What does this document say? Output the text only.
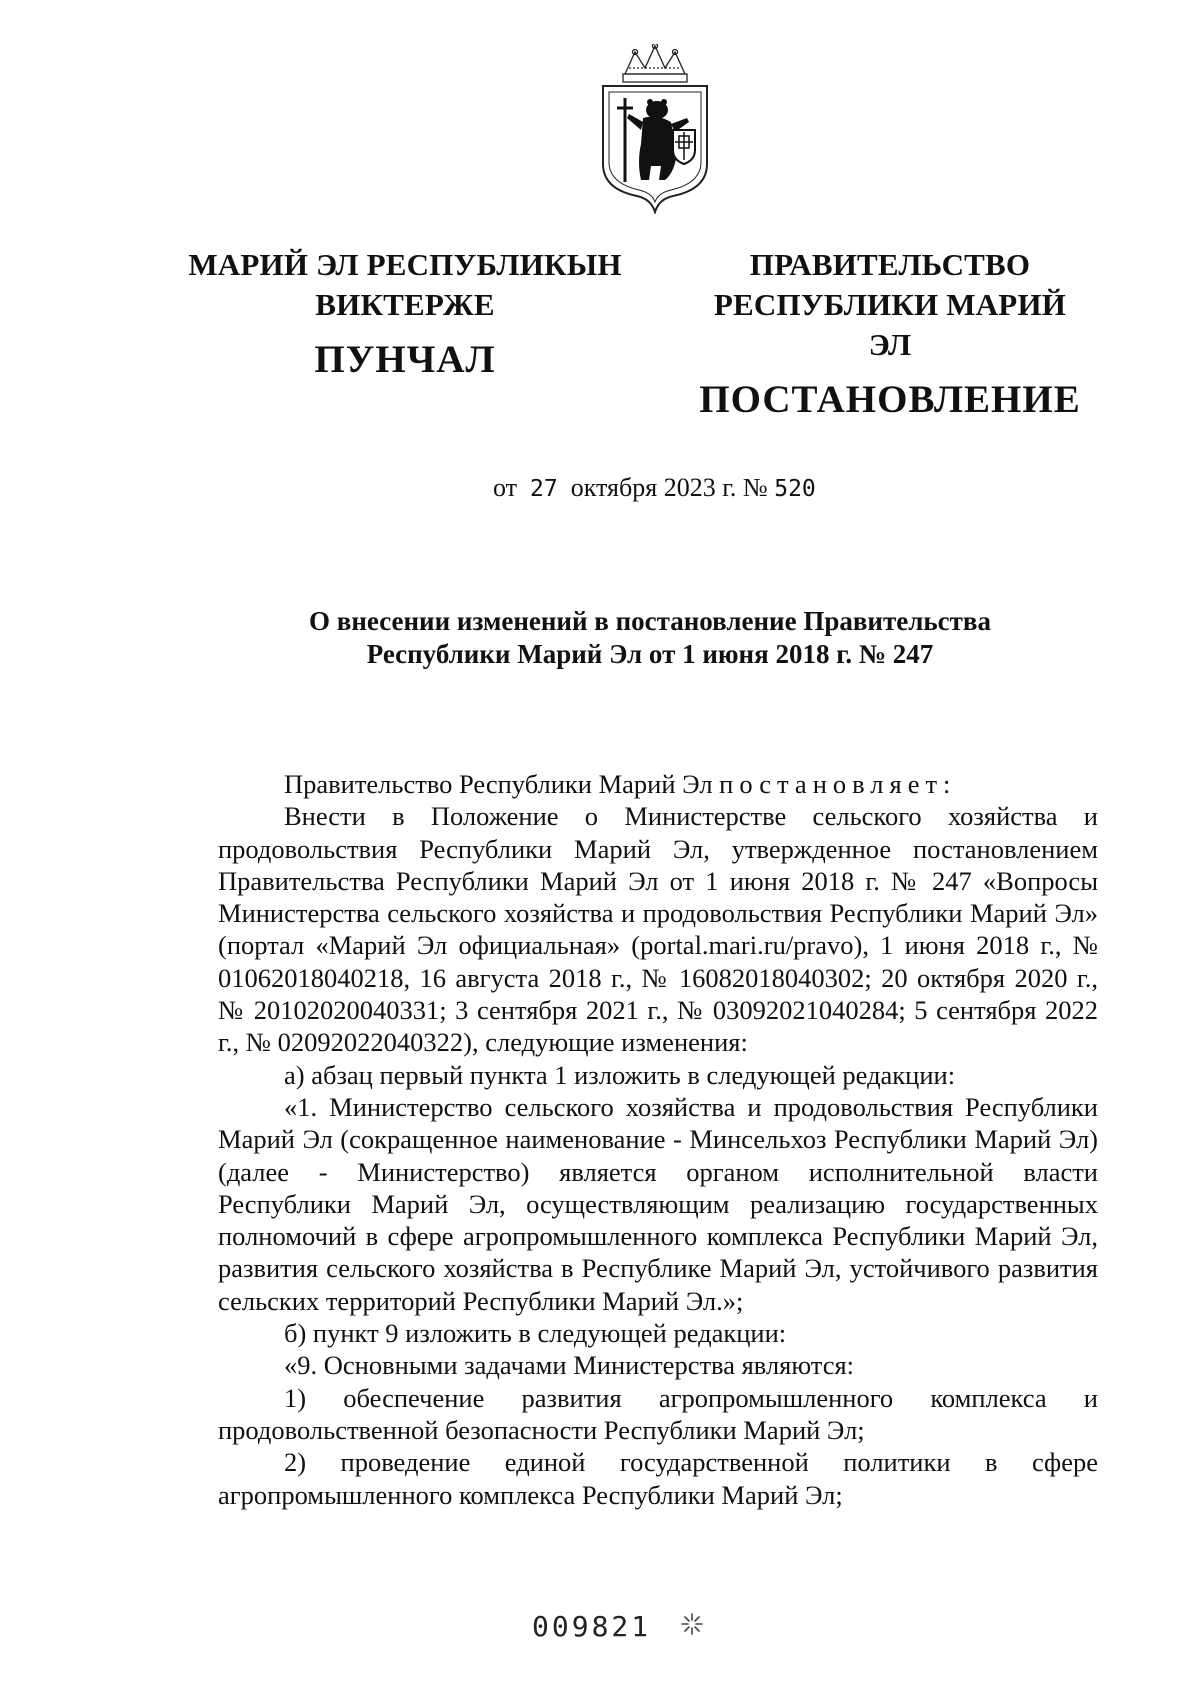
МАРИЙ ЭЛ РЕСПУБЛИКЫН
ВИКТЕРЖЕ
ПУНЧАЛ
ПРАВИТЕЛЬСТВО
РЕСПУБЛИКИ МАРИЙ ЭЛ
ПОСТАНОВЛЕНИЕ
от  27  октября 2023 г. № 520
О внесении изменений в постановление Правительства
Республики Марий Эл от 1 июня 2018 г. № 247

Правительство Республики Марий Эл постановляет:

Внести в Положение о Министерстве сельского хозяйства и продовольствия Республики Марий Эл, утвержденное постановлением Правительства Республики Марий Эл от 1 июня 2018 г. № 247 «Вопросы Министерства сельского хозяйства и продовольствия Республики Марий Эл» (портал «Марий Эл официальная» (portal.mari.ru/pravo), 1 июня 2018 г., № 01062018040218, 16 августа 2018 г., № 16082018040302; 20 октября 2020 г., № 20102020040331; 3 сентября 2021 г., № 03092021040284; 5 сентября 2022 г., № 02092022040322), следующие изменения:

а) абзац первый пункта 1 изложить в следующей редакции:

«1. Министерство сельского хозяйства и продовольствия Республики Марий Эл (сокращенное наименование - Минсельхоз Республики Марий Эл) (далее - Министерство) является органом исполнительной власти Республики Марий Эл, осуществляющим реализацию государственных полномочий в сфере агропромышленного комплекса Республики Марий Эл, развития сельского хозяйства в Республике Марий Эл, устойчивого развития сельских территорий Республики Марий Эл.»;

б) пункт 9 изложить в следующей редакции:

«9. Основными задачами Министерства являются:

1) обеспечение развития агропромышленного комплекса и продовольственной безопасности Республики Марий Эл;

2) проведение единой государственной политики в сфере агропромышленного комплекса Республики Марий Эл;

009821
